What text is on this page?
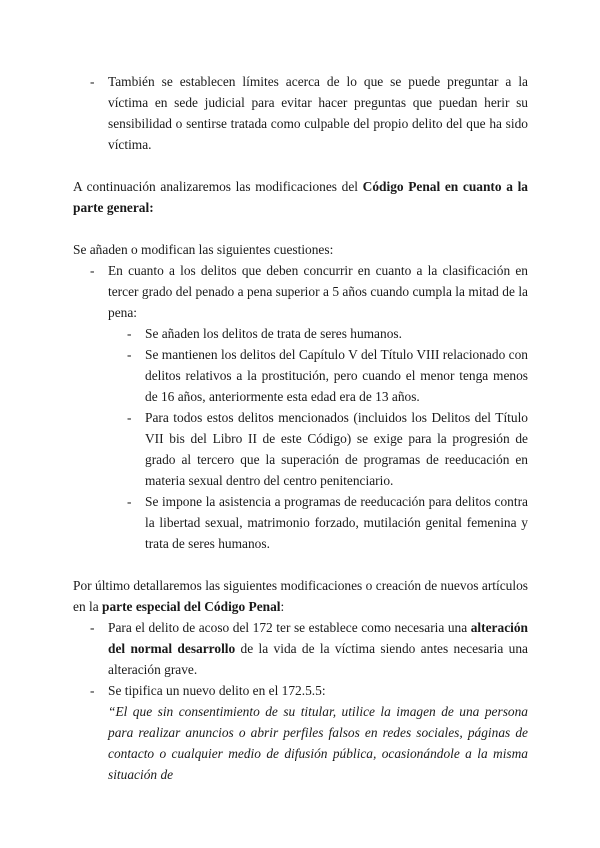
- También se establecen límites acerca de lo que se puede preguntar a la víctima en sede judicial para evitar hacer preguntas que puedan herir su sensibilidad o sentirse tratada como culpable del propio delito del que ha sido víctima.

A continuación analizaremos las modificaciones del Código Penal en cuanto a la parte general:

Se añaden o modifican las siguientes cuestiones:

- En cuanto a los delitos que deben concurrir en cuanto a la clasificación en tercer grado del penado a pena superior a 5 años cuando cumpla la mitad de la pena:
- Se añaden los delitos de trata de seres humanos.
- Se mantienen los delitos del Capítulo V del Título VIII relacionado con delitos relativos a la prostitución, pero cuando el menor tenga menos de 16 años, anteriormente esta edad era de 13 años.
- Para todos estos delitos mencionados (incluidos los Delitos del Título VII bis del Libro II de este Código) se exige para la progresión de grado al tercero que la superación de programas de reeducación en materia sexual dentro del centro penitenciario.
- Se impone la asistencia a programas de reeducación para delitos contra la libertad sexual, matrimonio forzado, mutilación genital femenina y trata de seres humanos.

Por último detallaremos las siguientes modificaciones o creación de nuevos artículos en la parte especial del Código Penal:

- Para el delito de acoso del 172 ter se establece como necesaria una alteración del normal desarrollo de la vida de la víctima siendo antes necesaria una alteración grave.
- Se tipifica un nuevo delito en el 172.5.5:
“El que sin consentimiento de su titular, utilice la imagen de una persona para realizar anuncios o abrir perfiles falsos en redes sociales, páginas de contacto o cualquier medio de difusión pública, ocasionándole a la misma situación de
